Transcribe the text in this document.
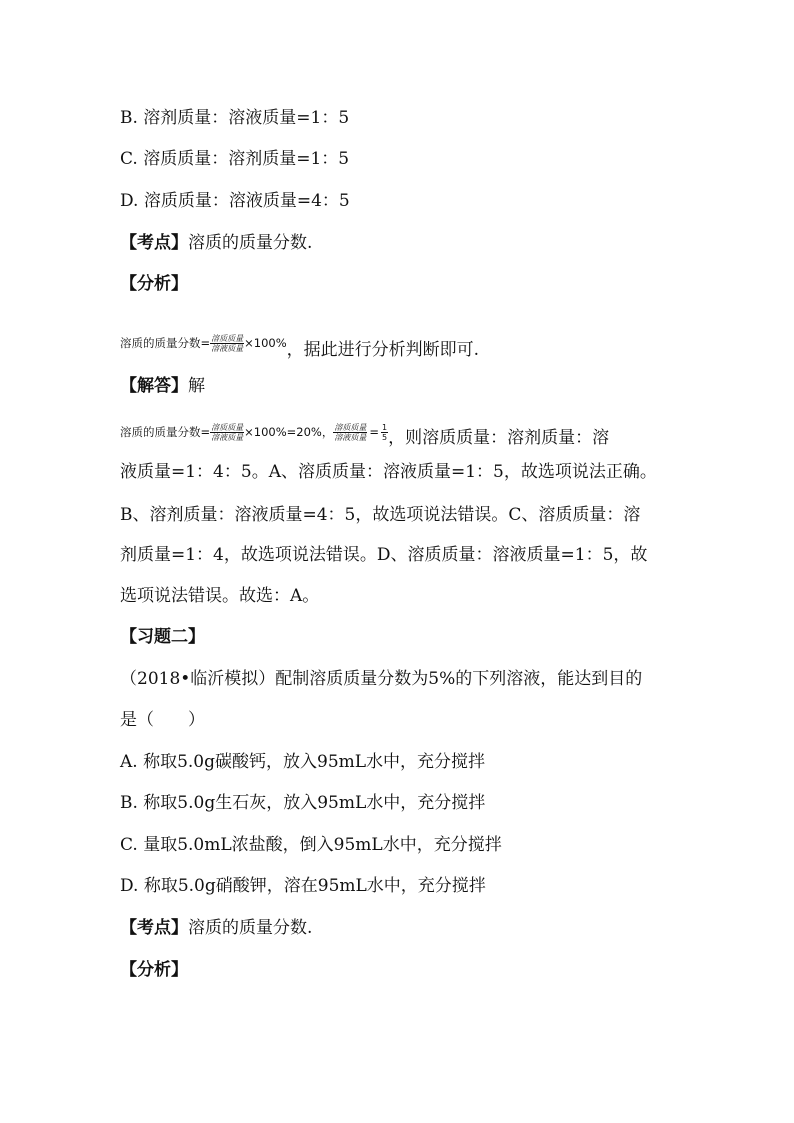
B. 溶剂质量：溶液质量=1：5
C. 溶质质量：溶剂质量=1：5
D. 溶质质量：溶液质量=4：5
【考点】溶质的质量分数.
【分析】
溶质的质量分数= $\frac{\text{溶质质量}}{\text{溶液质量}} \times 100\%$ ，据此进行分析判断即可.
【解答】解
溶质的质量分数= $\frac{\text{溶质质量}}{\text{溶液质量}} \times 100\%=20\%$， $\frac{\text{溶质质量}}{\text{溶液质量}} = \frac{1}{5}$ ，则溶质质量：溶剂质量：溶
液质量=1：4：5。A、溶质质量：溶液质量=1：5，故选项说法正确。
B、溶剂质量：溶液质量=4：5，故选项说法错误。C、溶质质量：溶
剂质量=1：4，故选项说法错误。D、溶质质量：溶液质量=1：5，故
选项说法错误。故选：A。
【习题二】
（2018•临沂模拟）配制溶质质量分数为5%的下列溶液，能达到目的
是（　　）
A. 称取5.0g碳酸钙，放入95mL水中，充分搅拌
B. 称取5.0g生石灰，放入95mL水中，充分搅拌
C. 量取5.0mL浓盐酸，倒入95mL水中，充分搅拌
D. 称取5.0g硝酸钾，溶在95mL水中，充分搅拌
【考点】溶质的质量分数.
【分析】
